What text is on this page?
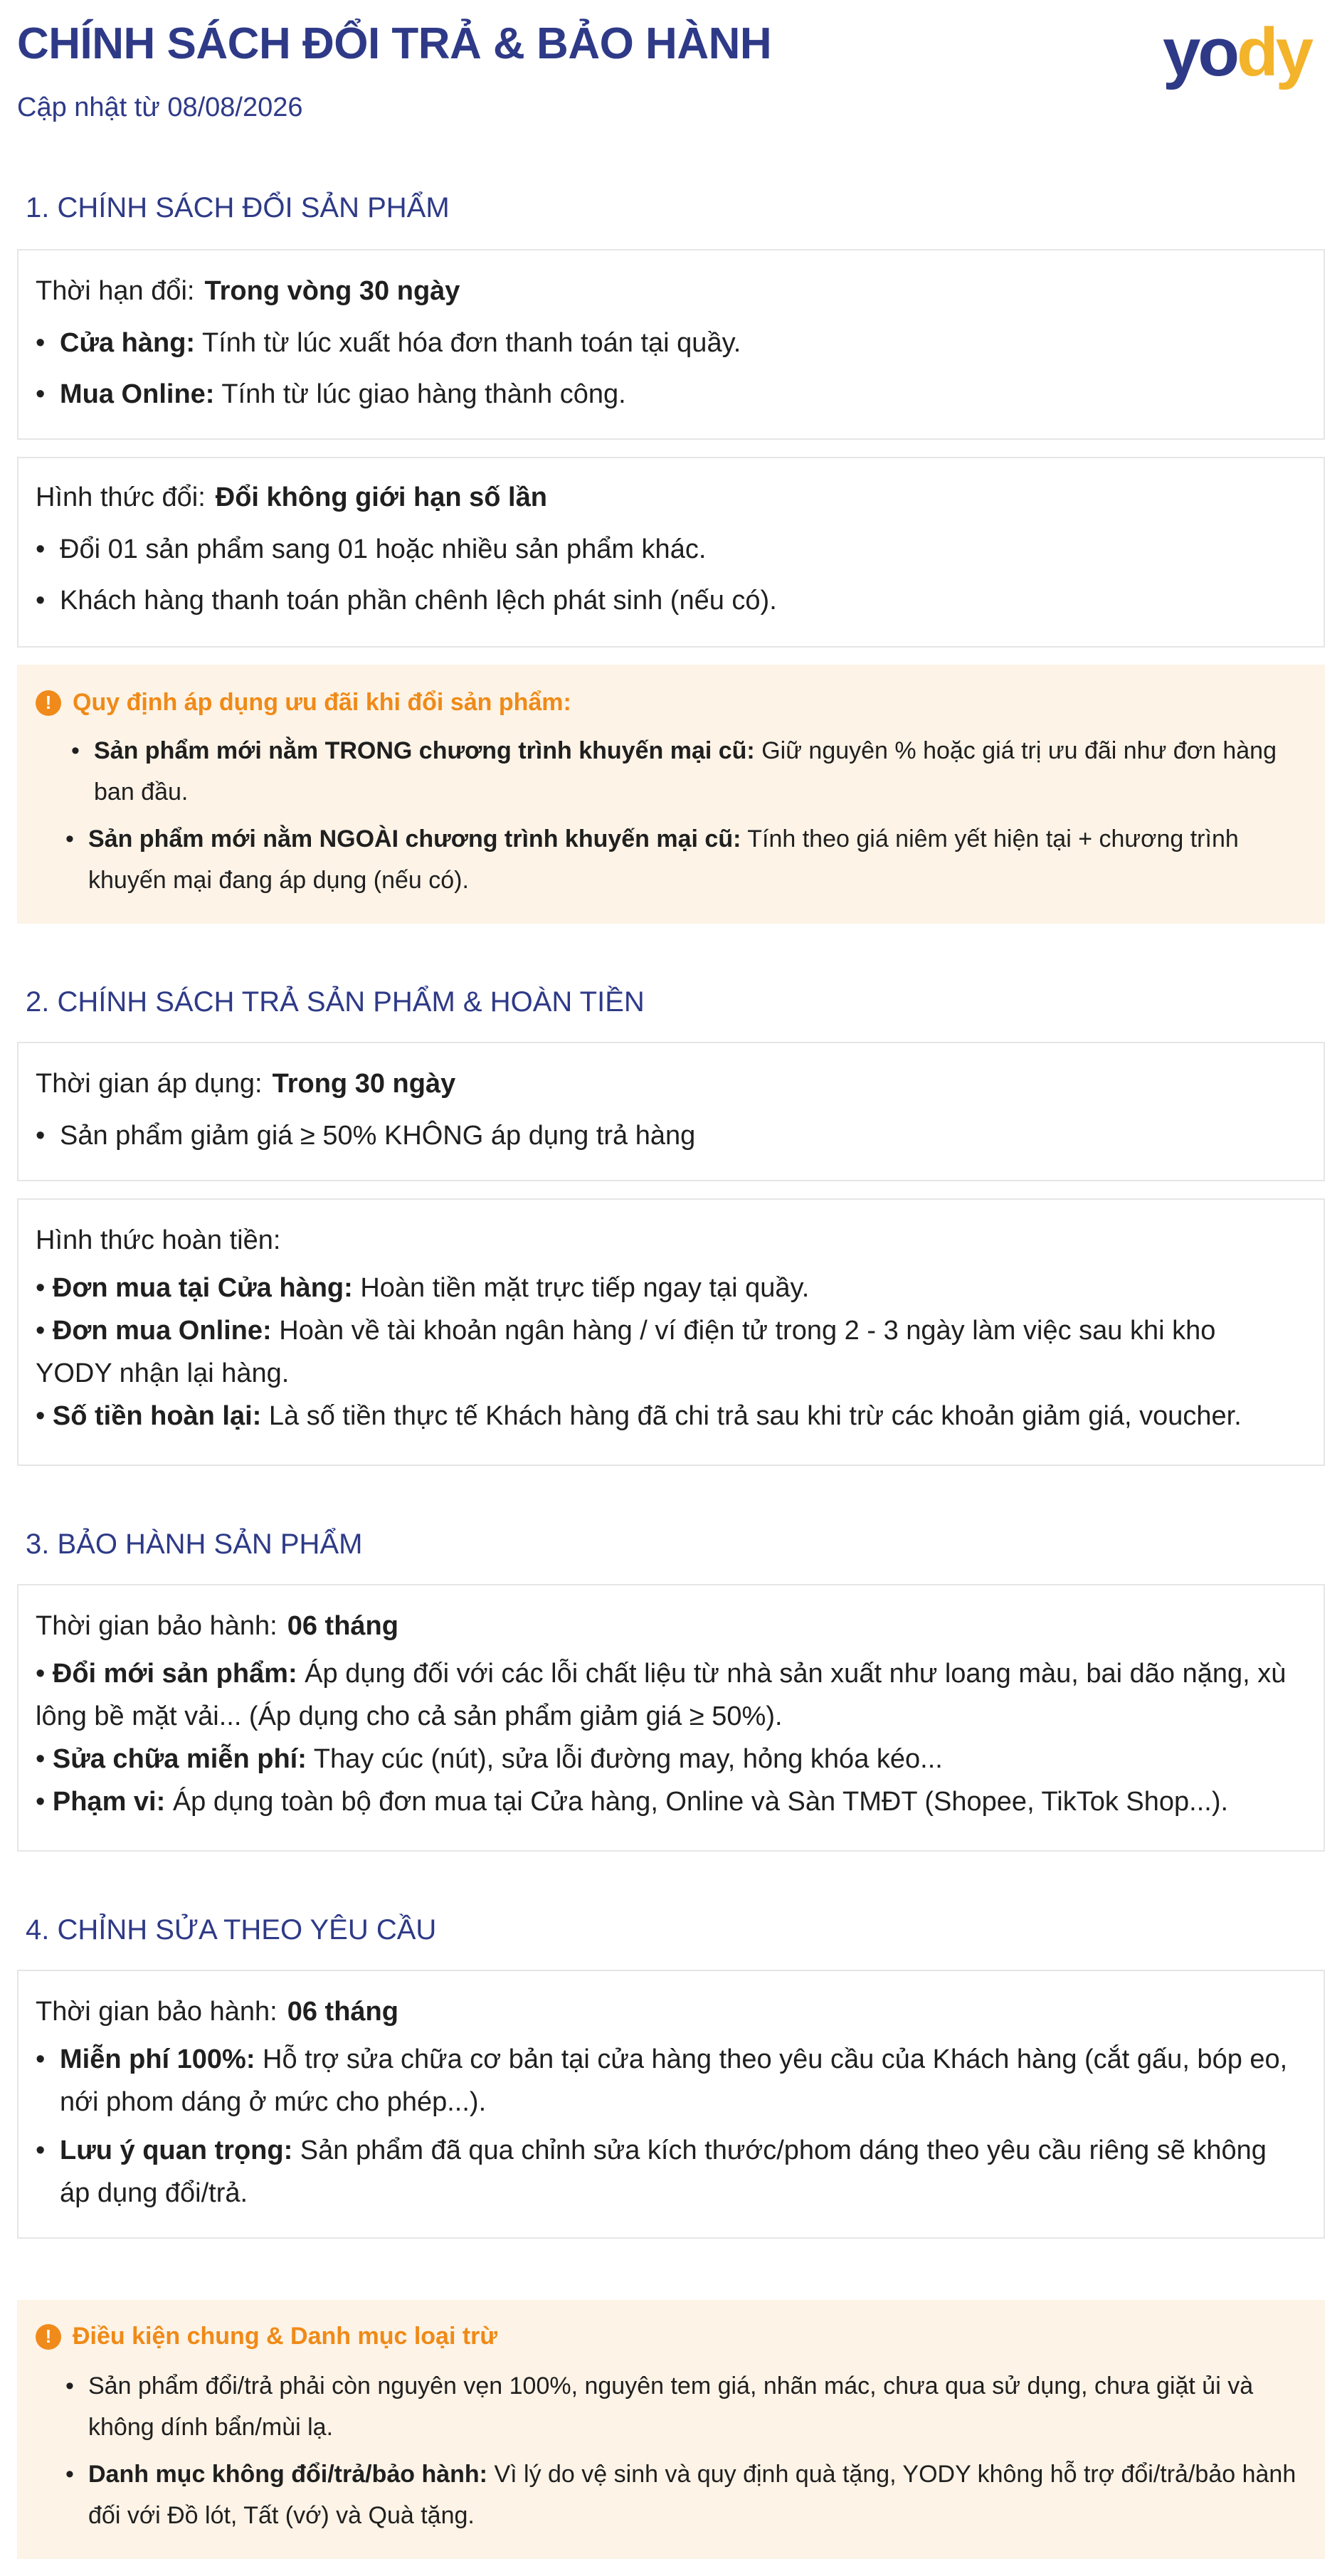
CHÍNH SÁCH ĐỔI TRẢ & BẢO HÀNH
Cập nhật từ 08/08/2026
yody
1. CHÍNH SÁCH ĐỔI SẢN PHẨM
Thời hạn đổi: Trong vòng 30 ngày
• Cửa hàng: Tính từ lúc xuất hóa đơn thanh toán tại quầy.
• Mua Online: Tính từ lúc giao hàng thành công.
Hình thức đổi: Đổi không giới hạn số lần
• Đổi 01 sản phẩm sang 01 hoặc nhiều sản phẩm khác.
• Khách hàng thanh toán phần chênh lệch phát sinh (nếu có).
! Quy định áp dụng ưu đãi khi đổi sản phẩm:
• Sản phẩm mới nằm TRONG chương trình khuyến mại cũ: Giữ nguyên % hoặc giá trị ưu đãi như đơn hàng ban đầu.
• Sản phẩm mới nằm NGOÀI chương trình khuyến mại cũ: Tính theo giá niêm yết hiện tại + chương trình khuyến mại đang áp dụng (nếu có).
2. CHÍNH SÁCH TRẢ SẢN PHẨM & HOÀN TIỀN
Thời gian áp dụng: Trong 30 ngày
• Sản phẩm giảm giá ≥ 50% KHÔNG áp dụng trả hàng
Hình thức hoàn tiền:
• Đơn mua tại Cửa hàng: Hoàn tiền mặt trực tiếp ngay tại quầy.
• Đơn mua Online: Hoàn về tài khoản ngân hàng / ví điện tử trong 2 - 3 ngày làm việc sau khi kho YODY nhận lại hàng.
• Số tiền hoàn lại: Là số tiền thực tế Khách hàng đã chi trả sau khi trừ các khoản giảm giá, voucher.
3. BẢO HÀNH SẢN PHẨM
Thời gian bảo hành: 06 tháng
• Đổi mới sản phẩm: Áp dụng đối với các lỗi chất liệu từ nhà sản xuất như loang màu, bai dão nặng, xù lông bề mặt vải... (Áp dụng cho cả sản phẩm giảm giá ≥ 50%).
• Sửa chữa miễn phí: Thay cúc (nút), sửa lỗi đường may, hỏng khóa kéo...
• Phạm vi: Áp dụng toàn bộ đơn mua tại Cửa hàng, Online và Sàn TMĐT (Shopee, TikTok Shop...).
4. CHỈNH SỬA THEO YÊU CẦU
Thời gian bảo hành: 06 tháng
• Miễn phí 100%: Hỗ trợ sửa chữa cơ bản tại cửa hàng theo yêu cầu của Khách hàng (cắt gấu, bóp eo, nới phom dáng ở mức cho phép...).
• Lưu ý quan trọng: Sản phẩm đã qua chỉnh sửa kích thước/phom dáng theo yêu cầu riêng sẽ không áp dụng đổi/trả.
! Điều kiện chung & Danh mục loại trừ
• Sản phẩm đổi/trả phải còn nguyên vẹn 100%, nguyên tem giá, nhãn mác, chưa qua sử dụng, chưa giặt ủi và không dính bẩn/mùi lạ.
• Danh mục không đổi/trả/bảo hành: Vì lý do vệ sinh và quy định quà tặng, YODY không hỗ trợ đổi/trả/bảo hành đối với Đồ lót, Tất (vớ) và Quà tặng.
